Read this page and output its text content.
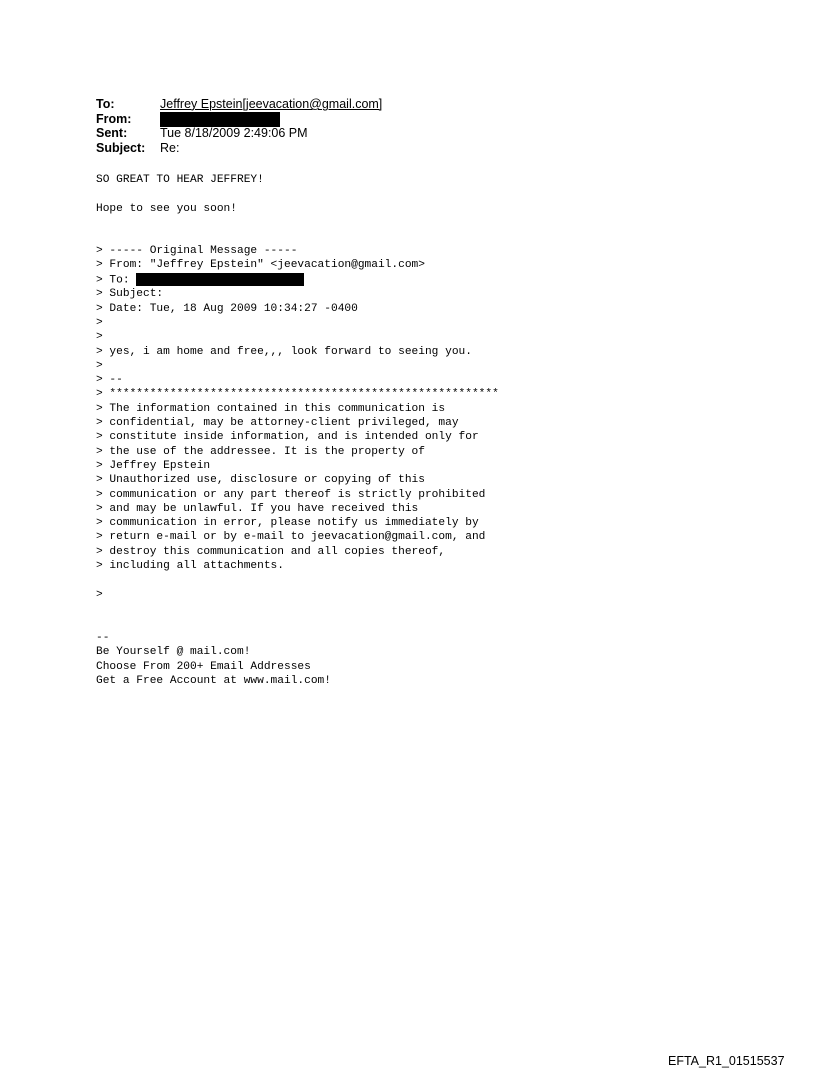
To:	Jeffrey Epstein[jeevacation@gmail.com]
From:
Sent:	Tue 8/18/2009 2:49:06 PM
Subject:	Re:
SO GREAT TO HEAR JEFFREY!
Hope to see you soon!
> ----- Original Message -----
> From: "Jeffrey Epstein" <jeevacation@gmail.com>
> To:
> Subject:
> Date: Tue, 18 Aug 2009 10:34:27 -0400
>
>
> yes, i am home and free,,, look forward to seeing you.
>
> --
> **********************************************************
> The information contained in this communication is
> confidential, may be attorney-client privileged, may
> constitute inside information, and is intended only for
> the use of the addressee. It is the property of
> Jeffrey Epstein
> Unauthorized use, disclosure or copying of this
> communication or any part thereof is strictly prohibited
> and may be unlawful. If you have received this
> communication in error, please notify us immediately by
> return e-mail or by e-mail to jeevacation@gmail.com, and
> destroy this communication and all copies thereof,
> including all attachments.
>
--
Be Yourself @ mail.com!
Choose From 200+ Email Addresses
Get a Free Account at www.mail.com!
EFTA_R1_01515537
